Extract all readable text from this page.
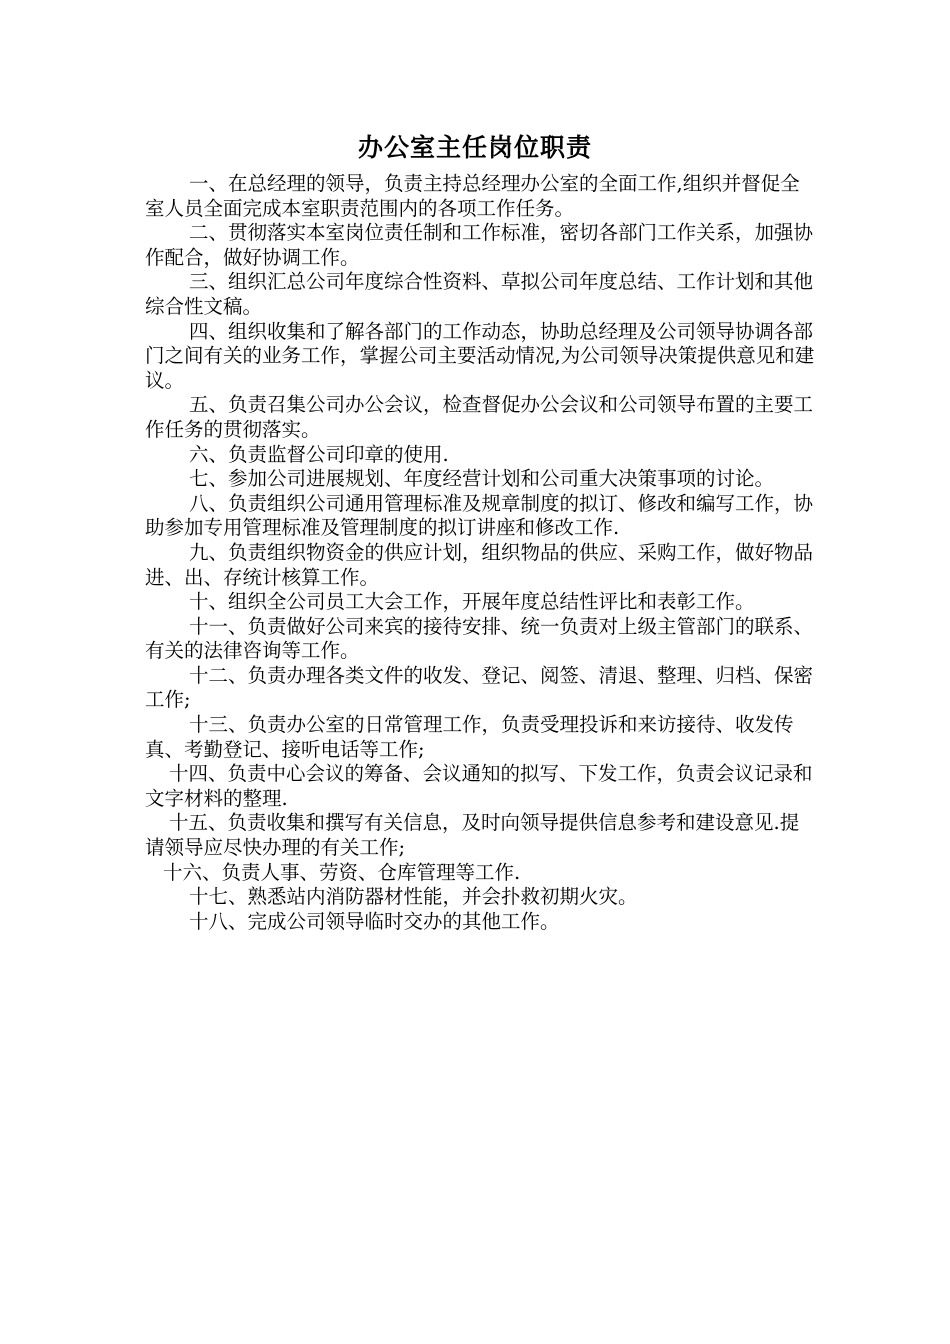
办公室主任岗位职责

一、在总经理的领导，负责主持总经理办公室的全面工作,组织并督促全室人员全面完成本室职责范围内的各项工作任务。

二、贯彻落实本室岗位责任制和工作标准，密切各部门工作关系，加强协作配合，做好协调工作。

三、组织汇总公司年度综合性资料、草拟公司年度总结、工作计划和其他综合性文稿。

四、组织收集和了解各部门的工作动态，协助总经理及公司领导协调各部门之间有关的业务工作，掌握公司主要活动情况,为公司领导决策提供意见和建议。

五、负责召集公司办公会议，检查督促办公会议和公司领导布置的主要工作任务的贯彻落实。

六、负责监督公司印章的使用.

七、参加公司进展规划、年度经营计划和公司重大决策事项的讨论。

八、负责组织公司通用管理标准及规章制度的拟订、修改和编写工作，协助参加专用管理标准及管理制度的拟订讲座和修改工作.

九、负责组织物资金的供应计划，组织物品的供应、采购工作，做好物品进、出、存统计核算工作。

十、组织全公司员工大会工作，开展年度总结性评比和表彰工作。

十一、负责做好公司来宾的接待安排、统一负责对上级主管部门的联系、有关的法律咨询等工作。

十二、负责办理各类文件的收发、登记、阅签、清退、整理、归档、保密工作;

十三、负责办公室的日常管理工作，负责受理投诉和来访接待、收发传真、考勤登记、接听电话等工作;

十四、负责中心会议的筹备、会议通知的拟写、下发工作，负责会议记录和文字材料的整理.

十五、负责收集和撰写有关信息，及时向领导提供信息参考和建设意见.提请领导应尽快办理的有关工作;

十六、负责人事、劳资、仓库管理等工作.

十七、熟悉站内消防器材性能，并会扑救初期火灾。

十八、完成公司领导临时交办的其他工作。
